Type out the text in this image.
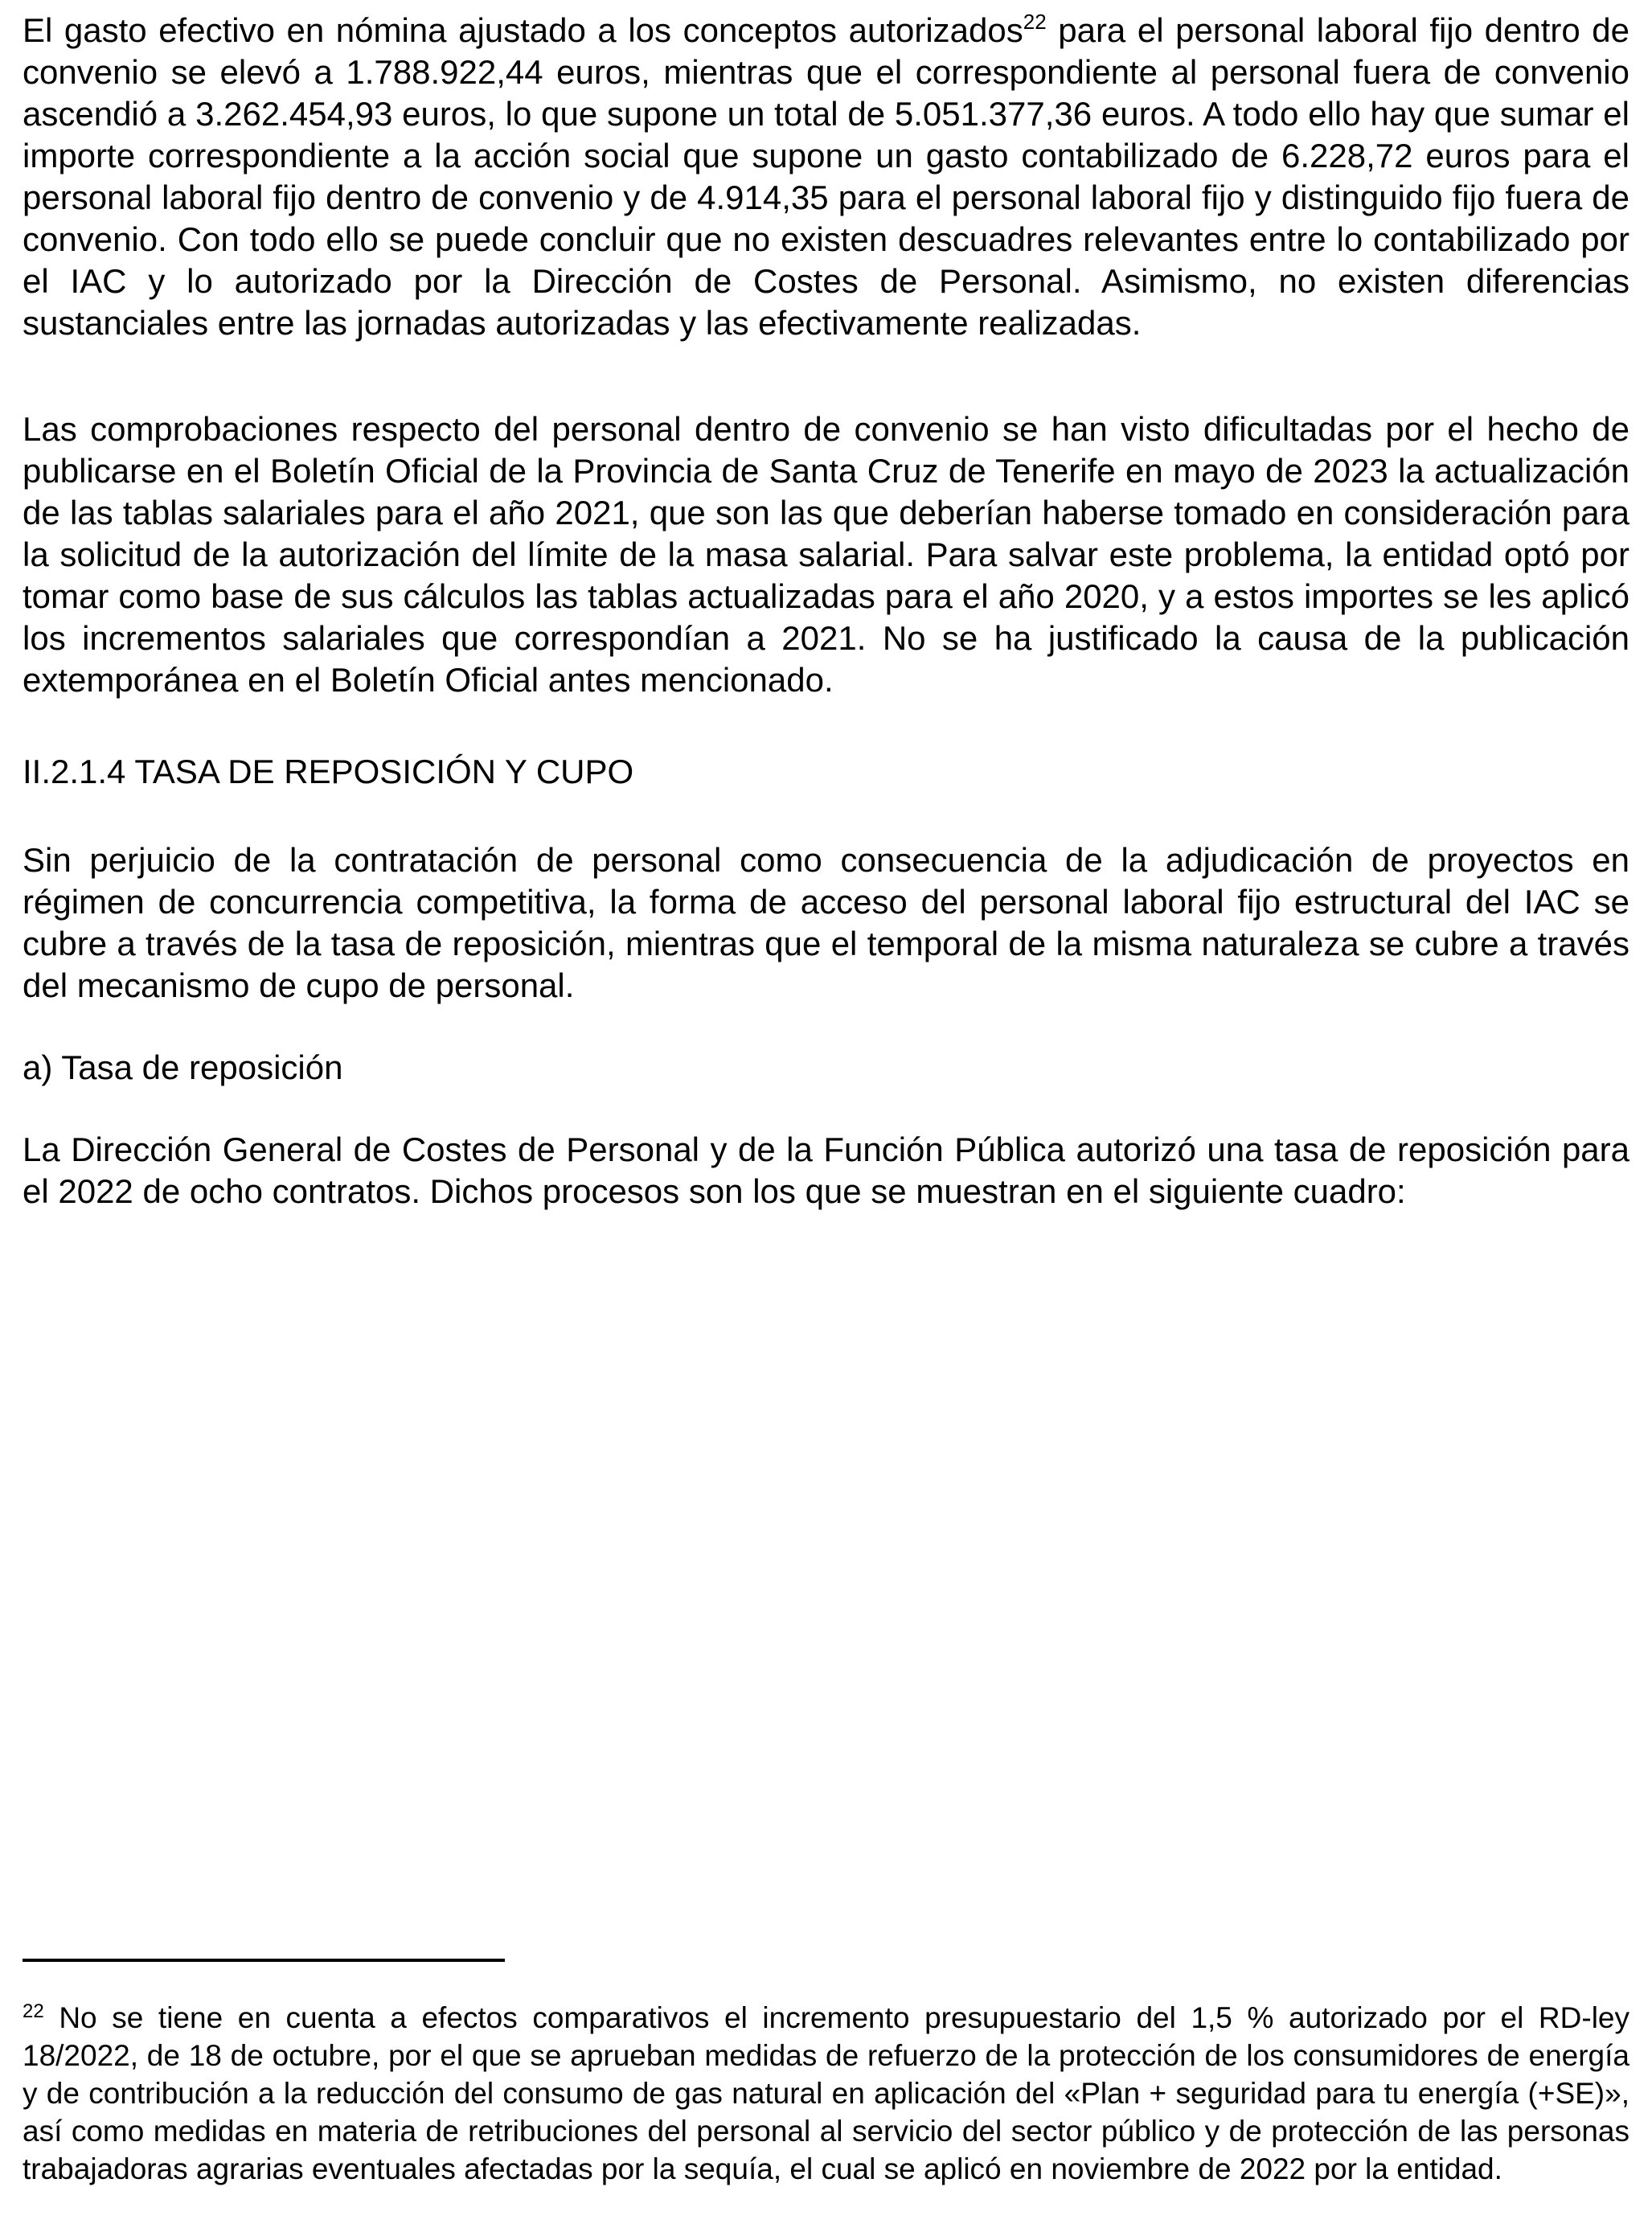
El gasto efectivo en nómina ajustado a los conceptos autorizados$^{22}$ para el personal laboral fijo dentro de convenio se elevó a 1.788.922,44 euros, mientras que el correspondiente al personal fuera de convenio ascendió a 3.262.454,93 euros, lo que supone un total de 5.051.377,36 euros. A todo ello hay que sumar el importe correspondiente a la acción social que supone un gasto contabilizado de 6.228,72 euros para el personal laboral fijo dentro de convenio y de 4.914,35 para el personal laboral fijo y distinguido fijo fuera de convenio. Con todo ello se puede concluir que no existen descuadres relevantes entre lo contabilizado por el IAC y lo autorizado por la Dirección de Costes de Personal. Asimismo, no existen diferencias sustanciales entre las jornadas autorizadas y las efectivamente realizadas.

Las comprobaciones respecto del personal dentro de convenio se han visto dificultadas por el hecho de publicarse en el Boletín Oficial de la Provincia de Santa Cruz de Tenerife en mayo de 2023 la actualización de las tablas salariales para el año 2021, que son las que deberían haberse tomado en consideración para la solicitud de la autorización del límite de la masa salarial. Para salvar este problema, la entidad optó por tomar como base de sus cálculos las tablas actualizadas para el año 2020, y a estos importes se les aplicó los incrementos salariales que correspondían a 2021. No se ha justificado la causa de la publicación extemporánea en el Boletín Oficial antes mencionado.

II.2.1.4 TASA DE REPOSICIÓN Y CUPO

Sin perjuicio de la contratación de personal como consecuencia de la adjudicación de proyectos en régimen de concurrencia competitiva, la forma de acceso del personal laboral fijo estructural del IAC se cubre a través de la tasa de reposición, mientras que el temporal de la misma naturaleza se cubre a través del mecanismo de cupo de personal.

a) Tasa de reposición

La Dirección General de Costes de Personal y de la Función Pública autorizó una tasa de reposición para el 2022 de ocho contratos. Dichos procesos son los que se muestran en el siguiente cuadro:

$^{22}$ No se tiene en cuenta a efectos comparativos el incremento presupuestario del 1,5 % autorizado por el RD-ley 18/2022, de 18 de octubre, por el que se aprueban medidas de refuerzo de la protección de los consumidores de energía y de contribución a la reducción del consumo de gas natural en aplicación del «Plan + seguridad para tu energía (+SE)», así como medidas en materia de retribuciones del personal al servicio del sector público y de protección de las personas trabajadoras agrarias eventuales afectadas por la sequía, el cual se aplicó en noviembre de 2022 por la entidad.
